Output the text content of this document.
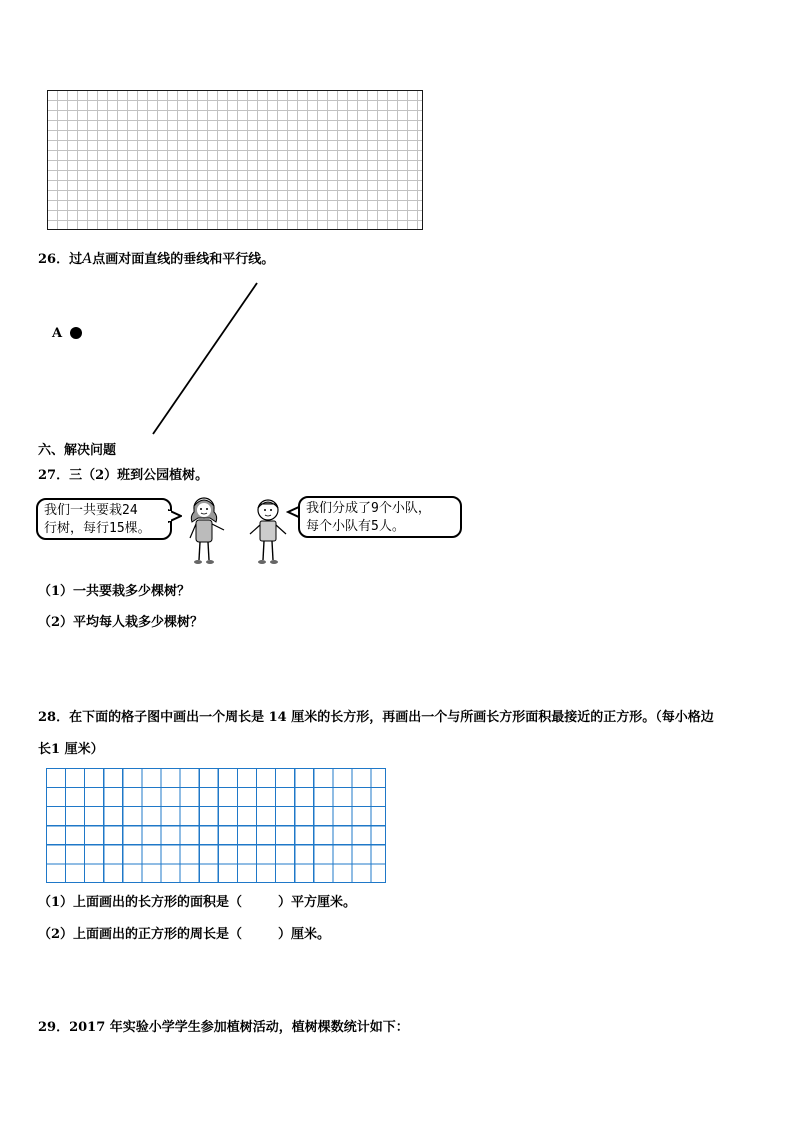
26．过A点画对面直线的垂线和平行线。
A
六、解决问题
27．三（2）班到公园植树。
我们一共要栽24
行树，每行15棵。
我们分成了9个小队，
每个小队有5人。
（1）一共要栽多少棵树？
（2）平均每人栽多少棵树？
28．在下面的格子图中画出一个周长是 14 厘米的长方形，再画出一个与所画长方形面积最接近的正方形。（每小格边
长1 厘米）
（1）上面画出的长方形的面积是（	）平方厘米。
（2）上面画出的正方形的周长是（	）厘米。
29．2017 年实验小学学生参加植树活动，植树棵数统计如下：
